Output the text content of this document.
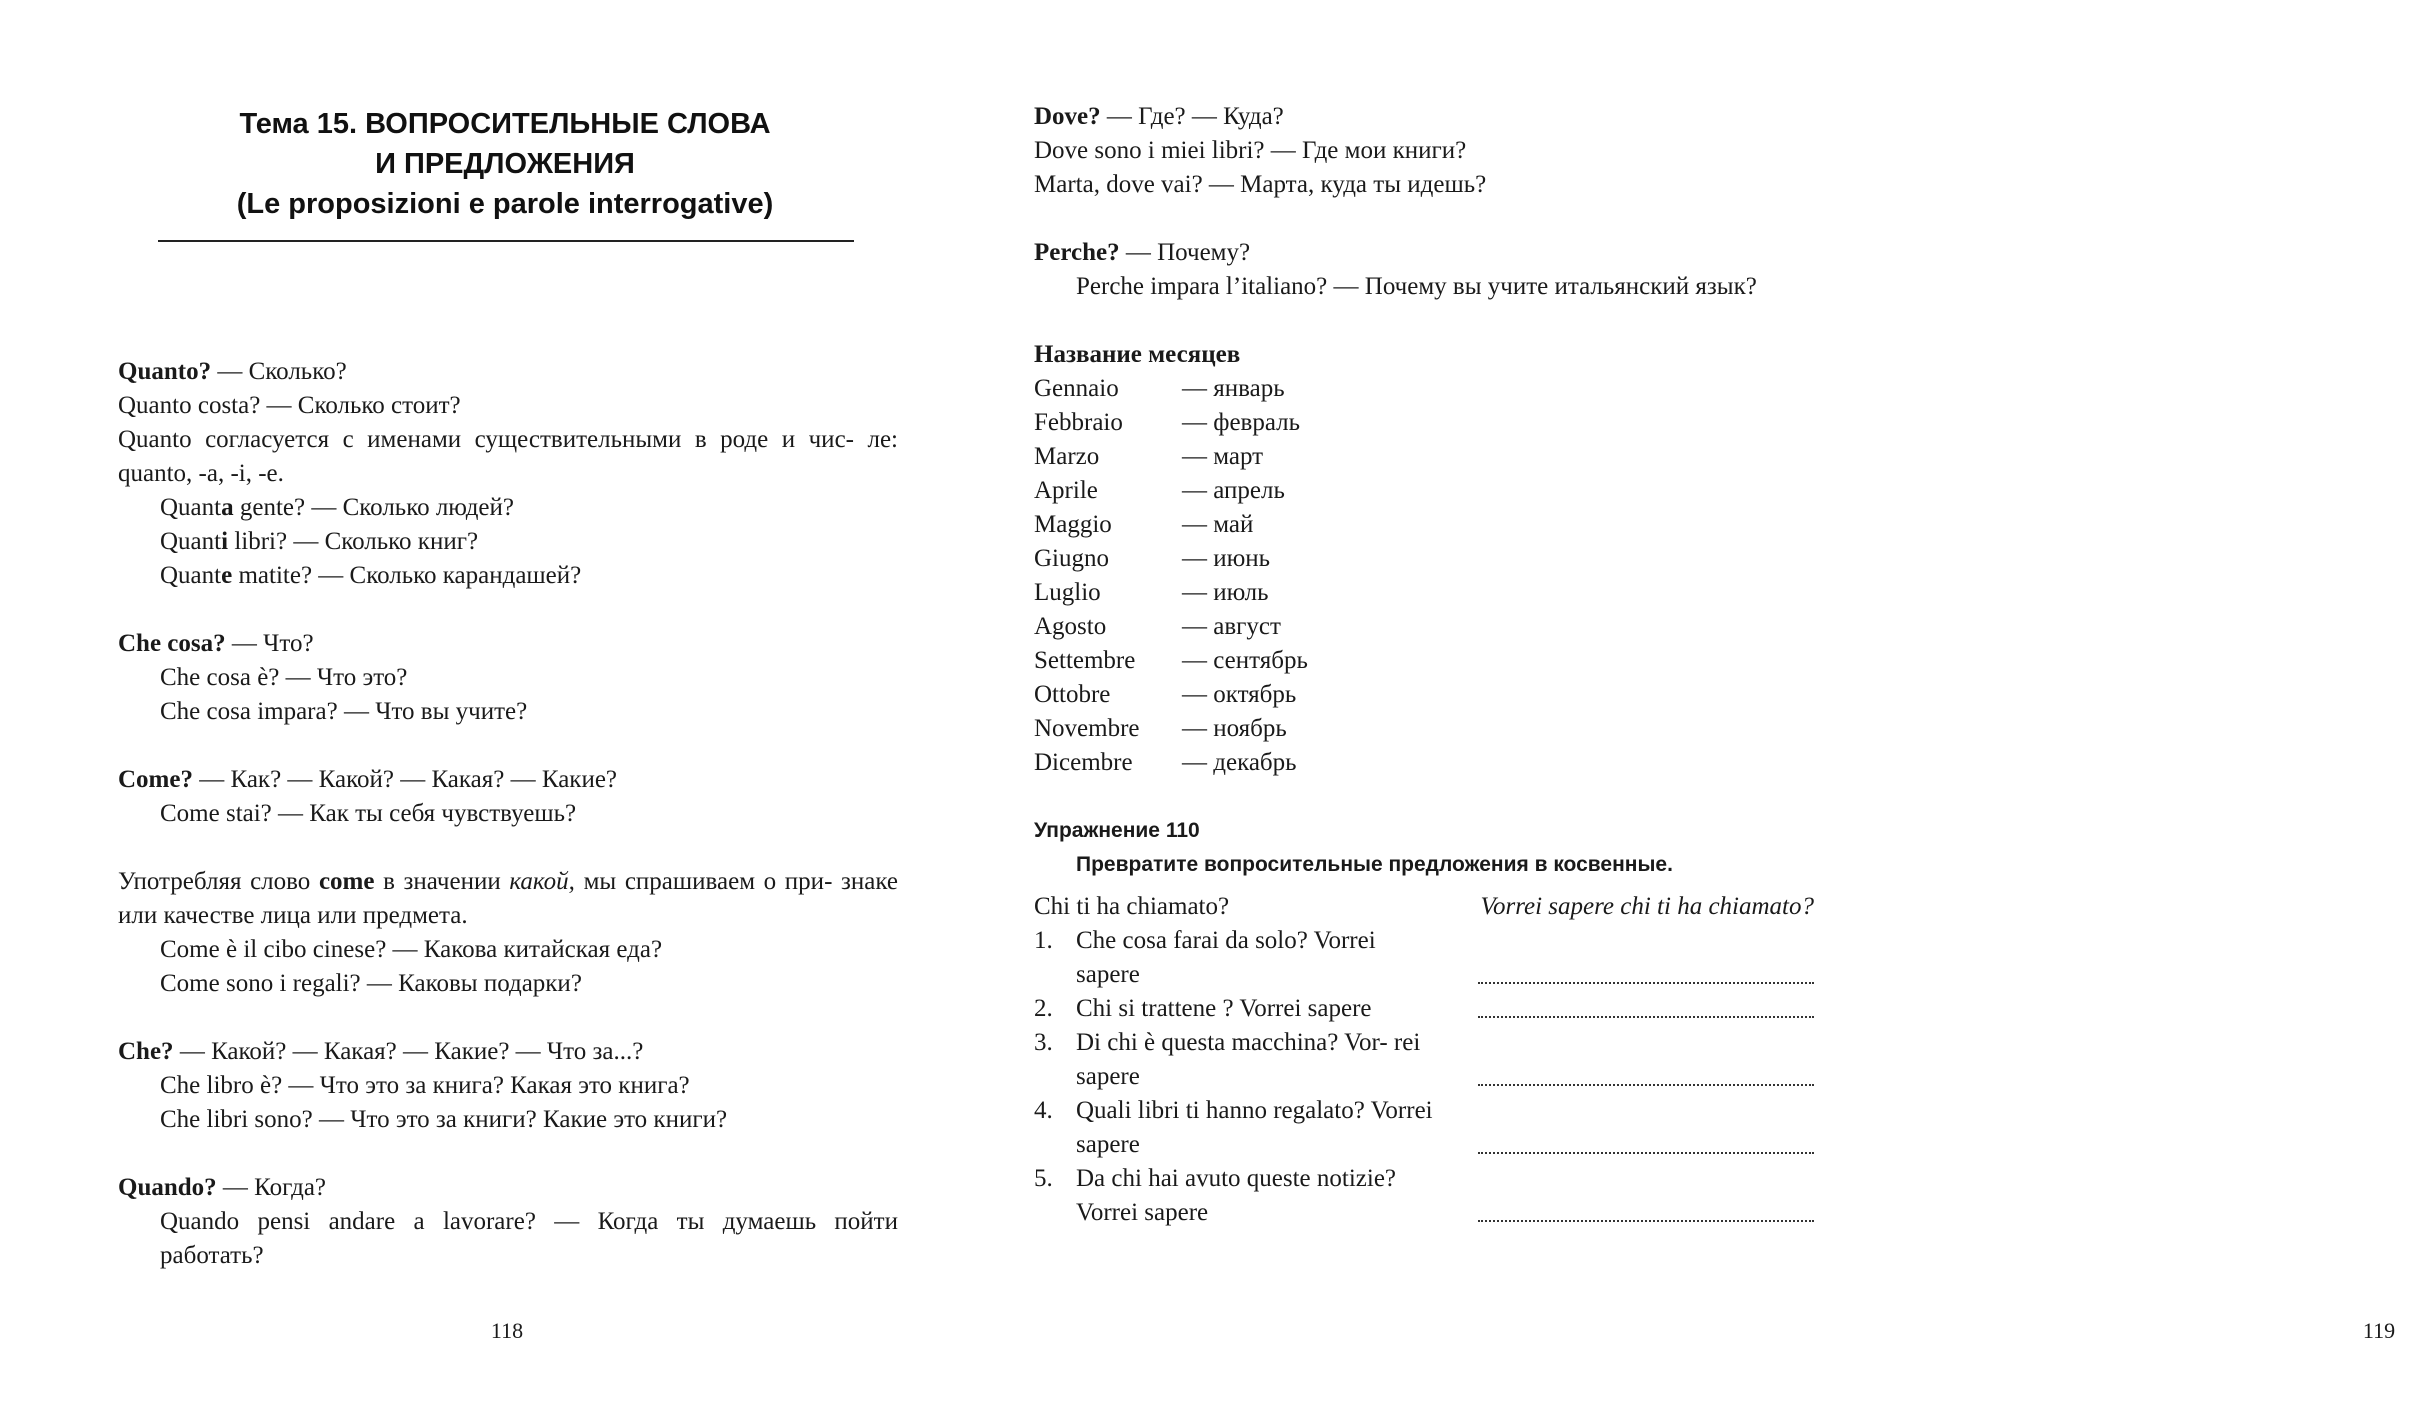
Тема 15. ВОПРОСИТЕЛЬНЫЕ СЛОВА
И ПРЕДЛОЖЕНИЯ
(Le proposizioni e parole interrogative)
Quanto? — Сколько?
Quanto costa? — Сколько стоит?
Quanto согласуется с именами существительными в роде и чис- ле: quanto, -a, -i, -e.
Quanta gente? — Сколько людей?
Quanti libri? — Сколько книг?
Quante matite? — Сколько карандашей?
Che cosa? — Что?
Che cosa è? — Что это?
Che cosa impara? — Что вы учите?
Come? — Как? — Какой? — Какая? — Какие?
Come stai? — Как ты себя чувствуешь?
Употребляя слово come в значении какой, мы спрашиваем о при- знаке или качестве лица или предмета.
Come è il cibo cinese? — Какова китайская еда?
Come sono i regali? — Каковы подарки?
Che? — Какой? — Какая? — Какие? — Что за...?
Che libro è? — Что это за книга? Какая это книга?
Che libri sono? — Что это за книги? Какие это книги?
Quando? — Когда?
Quando pensi andare a lavorare? — Когда ты думаешь пойти работать?
118
Dove? — Где? — Куда?
Dove sono i miei libri? — Где мои книги?
Marta, dove vai? — Марта, куда ты идешь?
Perche? — Почему?
Perche impara l’italiano? — Почему вы учите итальянский язык?
Название месяцев
Gennaio	— январь
Febbraio	— февраль
Marzo	— март
Aprile	— апрель
Maggio	— май
Giugno	— июнь
Luglio	— июль
Agosto	— август
Settembre	— сентябрь
Ottobre	— октябрь
Novembre	— ноябрь
Dicembre	— декабрь
Упражнение 110
Превратите вопросительные предложения в косвенные.
Chi ti ha chiamato?	Vorrei sapere chi ti ha chiamato?
1. Che cosa farai da solo? Vorrei sapere
2. Chi si trattene ? Vorrei sapere
3. Di chi è questa macchina? Vor- rei sapere
4. Quali libri ti hanno regalato? Vorrei sapere
5. Da chi hai avuto queste notizie? Vorrei sapere
119
